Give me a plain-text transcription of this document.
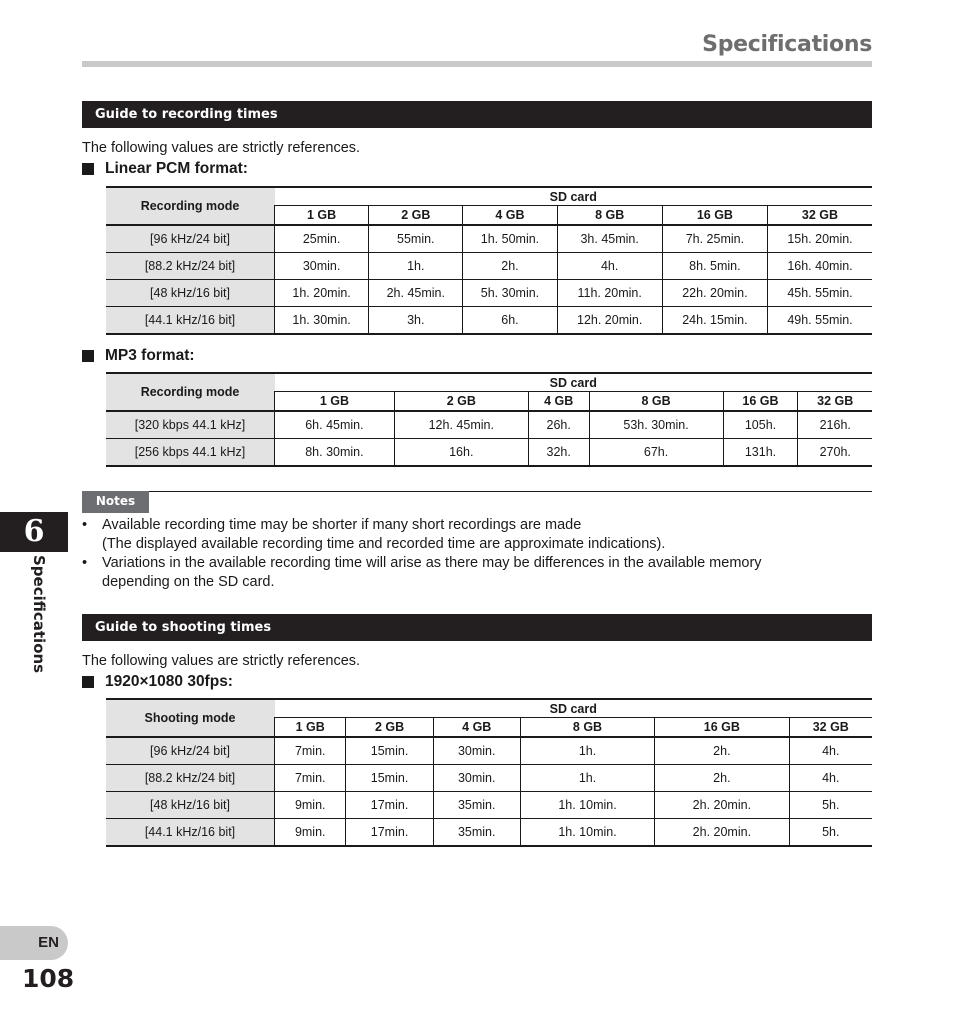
Specifications
Guide to recording times
The following values are strictly references.
Linear PCM format:
Recording mode	SD card					
	1 GB	2 GB	4 GB	8 GB	16 GB	32 GB
[96 kHz/24 bit]	25min.	55min.	1h. 50min.	3h. 45min.	7h. 25min.	15h. 20min.
[88.2 kHz/24 bit]	30min.	1h.	2h.	4h.	8h. 5min.	16h. 40min.
[48 kHz/16 bit]	1h. 20min.	2h. 45min.	5h. 30min.	11h. 20min.	22h. 20min.	45h. 55min.
[44.1 kHz/16 bit]	1h. 30min.	3h.	6h.	12h. 20min.	24h. 15min.	49h. 55min.
MP3 format:
Recording mode	SD card					
	1 GB	2 GB	4 GB	8 GB	16 GB	32 GB
[320 kbps 44.1 kHz]	6h. 45min.	12h. 45min.	26h.	53h. 30min.	105h.	216h.
[256 kbps 44.1 kHz]	8h. 30min.	16h.	32h.	67h.	131h.	270h.
Notes
• Available recording time may be shorter if many short recordings are made
(The displayed available recording time and recorded time are approximate indications).
• Variations in the available recording time will arise as there may be differences in the available memory
depending on the SD card.
Guide to shooting times
The following values are strictly references.
1920×1080 30fps:
Shooting mode	SD card					
	1 GB	2 GB	4 GB	8 GB	16 GB	32 GB
[96 kHz/24 bit]	7min.	15min.	30min.	1h.	2h.	4h.
[88.2 kHz/24 bit]	7min.	15min.	30min.	1h.	2h.	4h.
[48 kHz/16 bit]	9min.	17min.	35min.	1h. 10min.	2h. 20min.	5h.
[44.1 kHz/16 bit]	9min.	17min.	35min.	1h. 10min.	2h. 20min.	5h.
6
Specifications
EN
108
